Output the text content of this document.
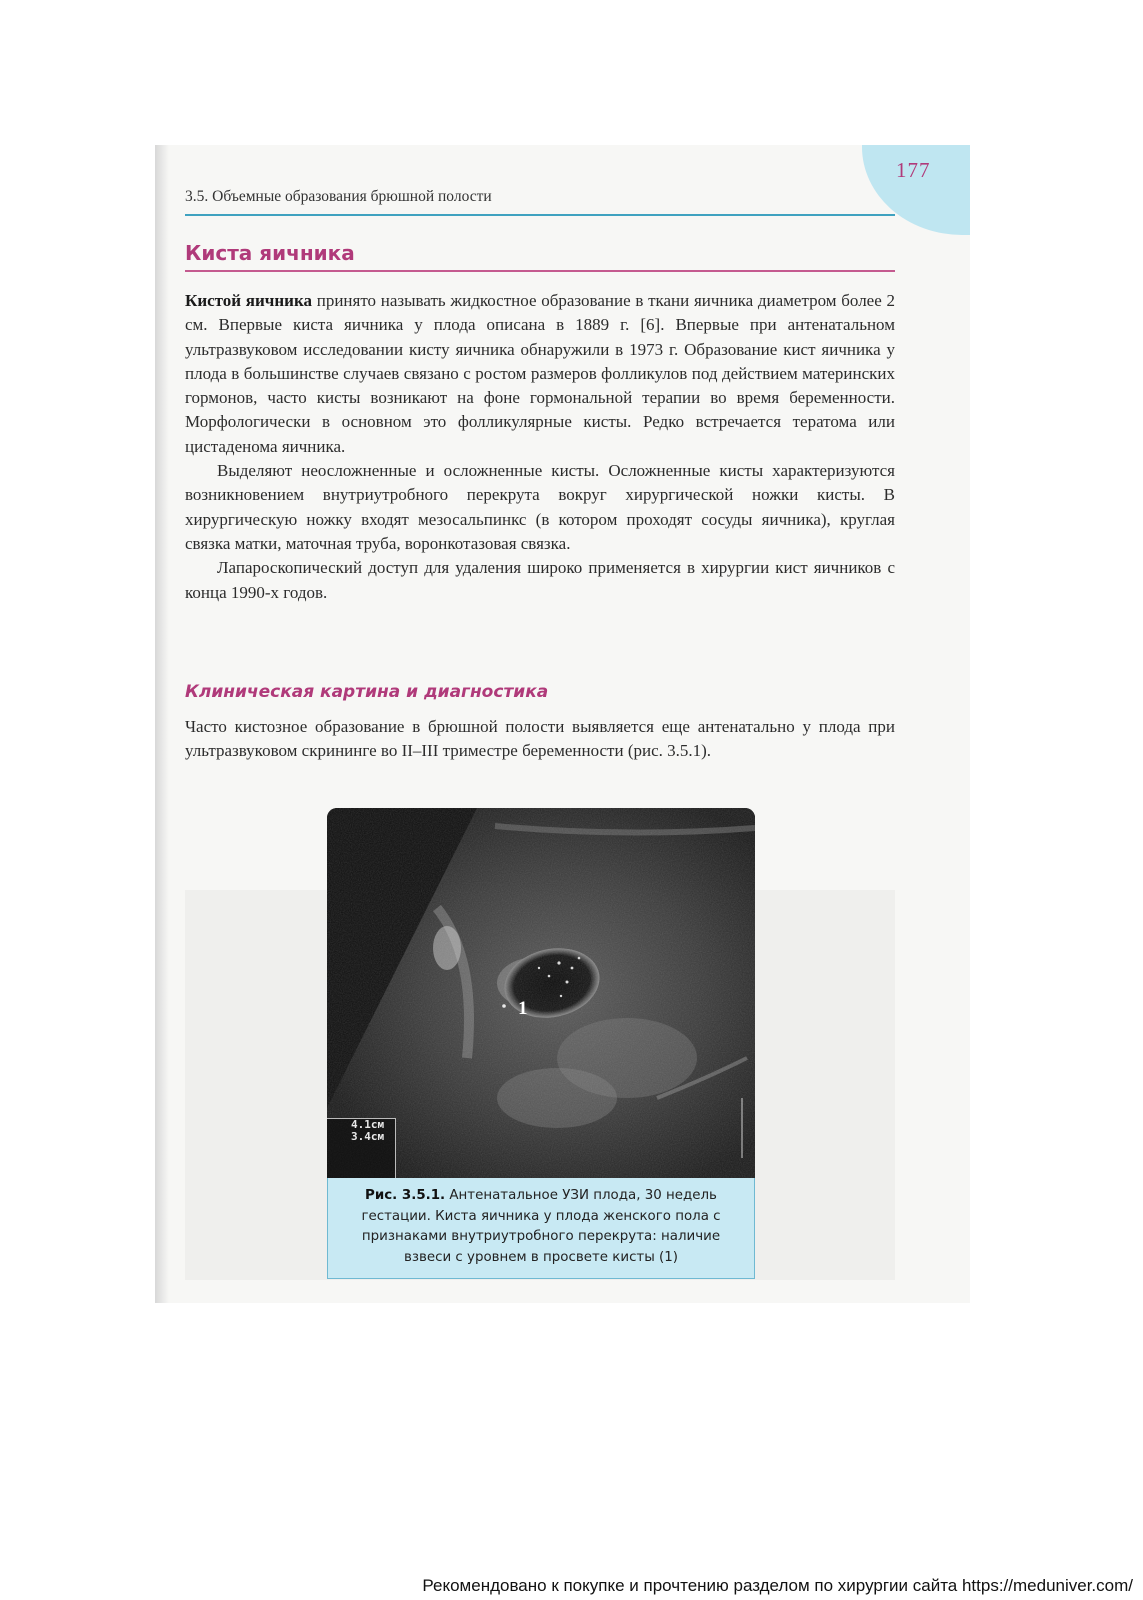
177
3.5. Объемные образования брюшной полости
Киста яичника

Кистой яичника принято называть жидкостное образование в ткани яичника диаметром более 2 см. Впервые киста яичника у плода описана в 1889 г. [6]. Впервые при антенатальном ультразвуковом исследовании кисту яичника обнаружили в 1973 г. Образование кист яичника у плода в большинстве случаев связано с ростом размеров фолликулов под действием материнских гормонов, часто кисты возникают на фоне гормональной терапии во время беременности. Морфологически в основном это фолликулярные кисты. Редко встречается тератома или цистаденома яичника.

Выделяют неосложненные и осложненные кисты. Осложненные кисты характеризуются возникновением внутриутробного перекрута вокруг хирургической ножки кисты. В хирургическую ножку входят мезосальпинкс (в котором проходят сосуды яичника), круглая связка матки, маточная труба, воронкотазовая связка.

Лапароскопический доступ для удаления широко применяется в хирургии кист яичников с конца 1990-х годов.

Клиническая картина и диагностика

Часто кистозное образование в брюшной полости выявляется еще антенатально у плода при ультразвуковом скрининге во II–III триместре беременности (рис. 3.5.1).

1
4.1cм
3.4cм
Рис. 3.5.1. Антенатальное УЗИ плода, 30 недель гестации. Киста яичника у плода женского пола с признаками внутриутробного перекрута: наличие взвеси с уровнем в просвете кисты (1)
Рекомендовано к покупке и прочтению разделом по хирургии сайта https://meduniver.com/
